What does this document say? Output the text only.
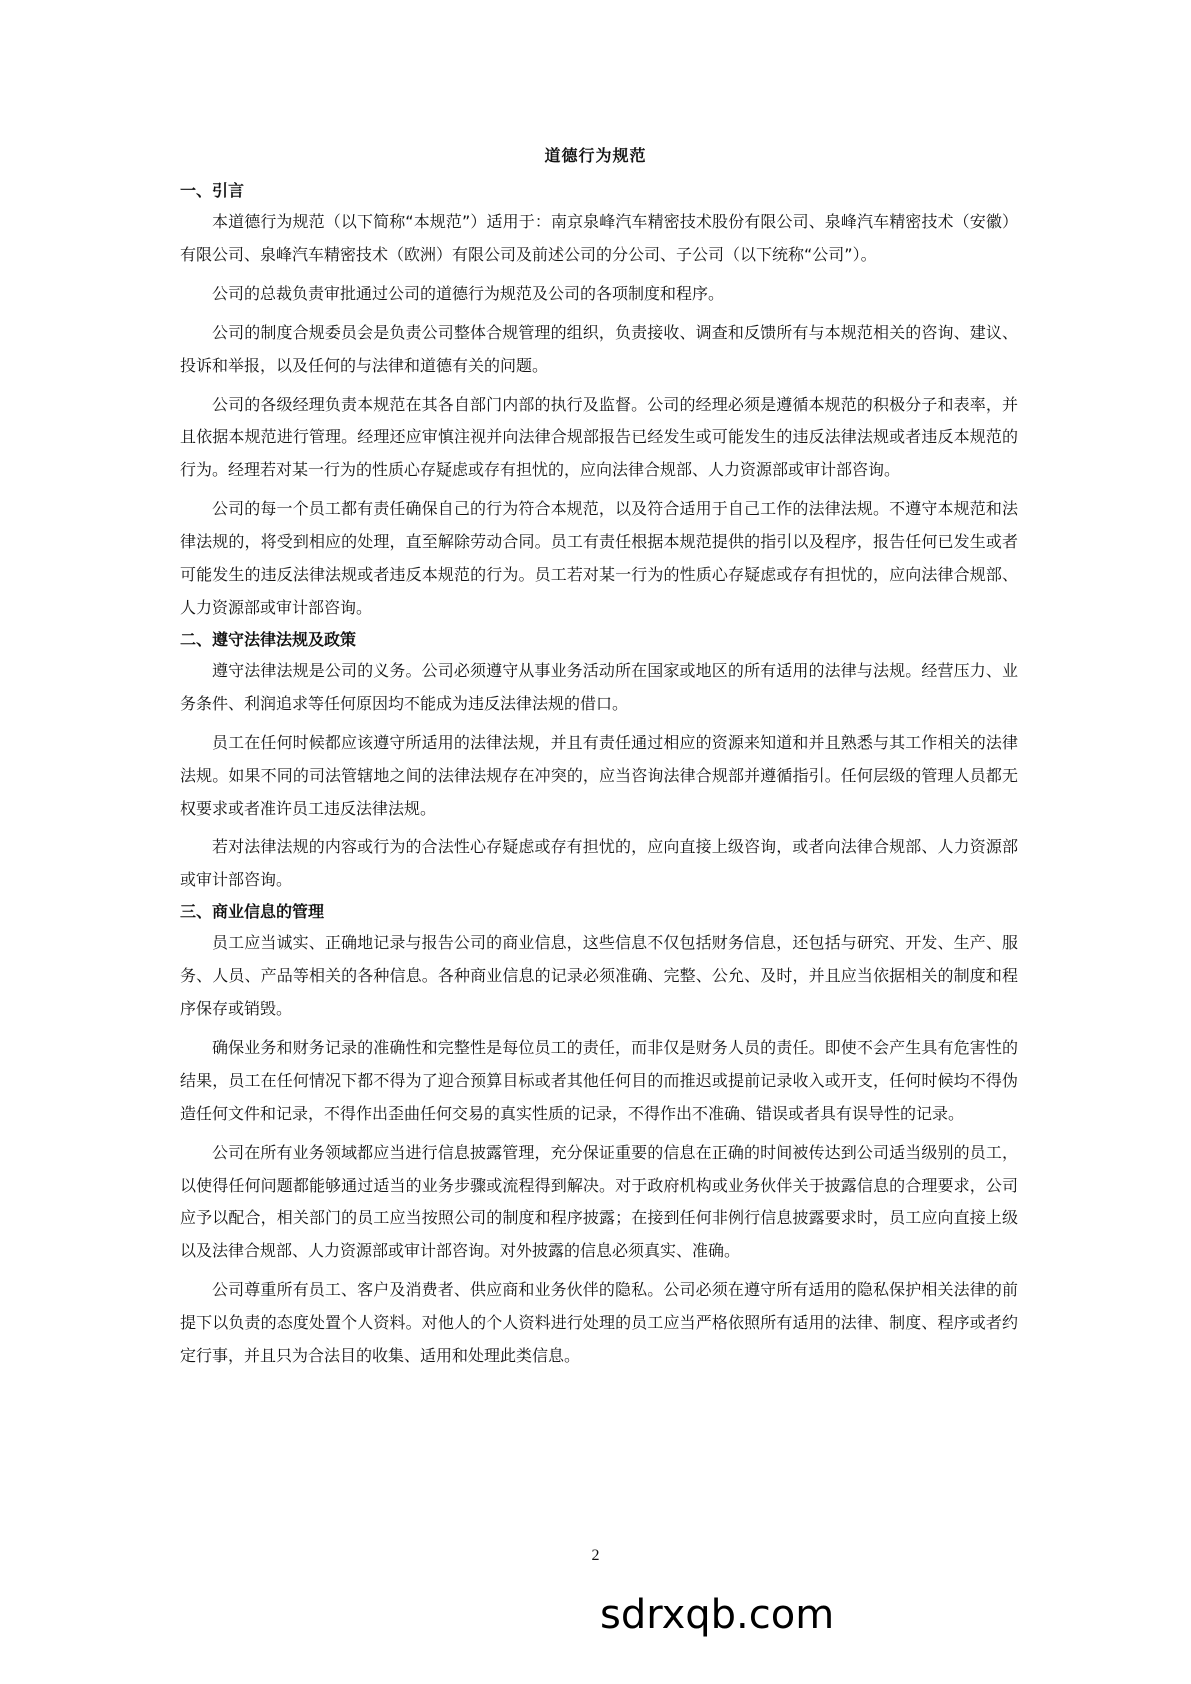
道德行为规范
一、引言

本道德行为规范（以下简称“本规范”）适用于：南京泉峰汽车精密技术股份有限公司、泉峰汽车精密技术（安徽）有限公司、泉峰汽车精密技术（欧洲）有限公司及前述公司的分公司、子公司（以下统称“公司”）。

公司的总裁负责审批通过公司的道德行为规范及公司的各项制度和程序。

公司的制度合规委员会是负责公司整体合规管理的组织，负责接收、调查和反馈所有与本规范相关的咨询、建议、投诉和举报，以及任何的与法律和道德有关的问题。

公司的各级经理负责本规范在其各自部门内部的执行及监督。公司的经理必须是遵循本规范的积极分子和表率，并且依据本规范进行管理。经理还应审慎注视并向法律合规部报告已经发生或可能发生的违反法律法规或者违反本规范的行为。经理若对某一行为的性质心存疑虑或存有担忧的，应向法律合规部、人力资源部或审计部咨询。

公司的每一个员工都有责任确保自己的行为符合本规范，以及符合适用于自己工作的法律法规。不遵守本规范和法律法规的，将受到相应的处理，直至解除劳动合同。员工有责任根据本规范提供的指引以及程序，报告任何已发生或者可能发生的违反法律法规或者违反本规范的行为。员工若对某一行为的性质心存疑虑或存有担忧的，应向法律合规部、人力资源部或审计部咨询。

二、遵守法律法规及政策

遵守法律法规是公司的义务。公司必须遵守从事业务活动所在国家或地区的所有适用的法律与法规。经营压力、业务条件、利润追求等任何原因均不能成为违反法律法规的借口。

员工在任何时候都应该遵守所适用的法律法规，并且有责任通过相应的资源来知道和并且熟悉与其工作相关的法律法规。如果不同的司法管辖地之间的法律法规存在冲突的，应当咨询法律合规部并遵循指引。任何层级的管理人员都无权要求或者准许员工违反法律法规。

若对法律法规的内容或行为的合法性心存疑虑或存有担忧的，应向直接上级咨询，或者向法律合规部、人力资源部或审计部咨询。

三、商业信息的管理

员工应当诚实、正确地记录与报告公司的商业信息，这些信息不仅包括财务信息，还包括与研究、开发、生产、服务、人员、产品等相关的各种信息。各种商业信息的记录必须准确、完整、公允、及时，并且应当依据相关的制度和程序保存或销毁。

确保业务和财务记录的准确性和完整性是每位员工的责任，而非仅是财务人员的责任。即使不会产生具有危害性的结果，员工在任何情况下都不得为了迎合预算目标或者其他任何目的而推迟或提前记录收入或开支，任何时候均不得伪造任何文件和记录，不得作出歪曲任何交易的真实性质的记录，不得作出不准确、错误或者具有误导性的记录。

公司在所有业务领域都应当进行信息披露管理，充分保证重要的信息在正确的时间被传达到公司适当级别的员工，以使得任何问题都能够通过适当的业务步骤或流程得到解决。对于政府机构或业务伙伴关于披露信息的合理要求，公司应予以配合，相关部门的员工应当按照公司的制度和程序披露；在接到任何非例行信息披露要求时，员工应向直接上级以及法律合规部、人力资源部或审计部咨询。对外披露的信息必须真实、准确。

公司尊重所有员工、客户及消费者、供应商和业务伙伴的隐私。公司必须在遵守所有适用的隐私保护相关法律的前提下以负责的态度处置个人资料。对他人的个人资料进行处理的员工应当严格依照所有适用的法律、制度、程序或者约定行事，并且只为合法目的收集、适用和处理此类信息。

2
sdrxqb.com
